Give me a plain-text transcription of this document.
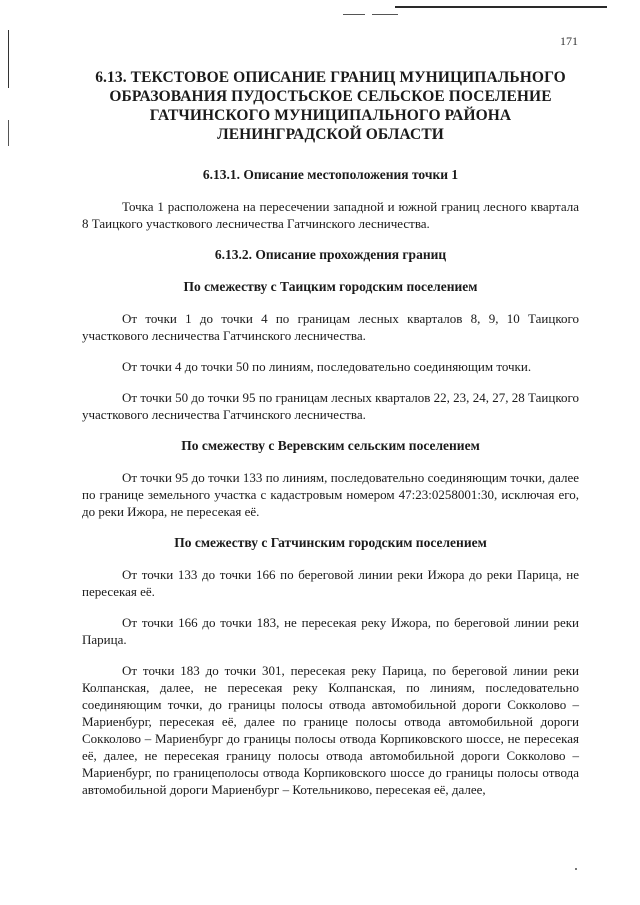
171
6.13. ТЕКСТОВОЕ ОПИСАНИЕ ГРАНИЦ МУНИЦИПАЛЬНОГО
ОБРАЗОВАНИЯ ПУДОСТЬСКОЕ СЕЛЬСКОЕ ПОСЕЛЕНИЕ
ГАТЧИНСКОГО МУНИЦИПАЛЬНОГО РАЙОНА
ЛЕНИНГРАДСКОЙ ОБЛАСТИ
6.13.1. Описание местоположения точки 1

Точка 1 расположена на пересечении западной и южной границ лесного квартала 8 Таицкого участкового лесничества Гатчинского лесничества.

6.13.2. Описание прохождения границ
По смежеству с Таицким городским поселением

От точки 1 до точки 4 по границам лесных кварталов 8, 9, 10 Таицкого участкового лесничества Гатчинского лесничества.

От точки 4 до точки 50 по линиям, последовательно соединяющим точки.

От точки 50 до точки 95 по границам лесных кварталов 22, 23, 24, 27, 28 Таицкого участкового лесничества Гатчинского лесничества.

По смежеству с Веревским сельским поселением

От точки 95 до точки 133 по линиям, последовательно соединяющим точки, далее по границе земельного участка с кадастровым номером 47:23:0258001:30, исключая его, до реки Ижора, не пересекая её.

По смежеству с Гатчинским городским поселением

От точки 133 до точки 166 по береговой линии реки Ижора до реки Парица, не пересекая её.

От точки 166 до точки 183, не пересекая реку Ижора, по береговой линии реки Парица.

От точки 183 до точки 301, пересекая реку Парица, по береговой линии реки Колпанская, далее, не пересекая реку Колпанская, по линиям, последовательно соединяющим точки, до границы полосы отвода автомобильной дороги Сокколово – Мариенбург, пересекая её, далее по границе полосы отвода автомобильной дороги Сокколово – Мариенбург до границы полосы отвода Корпиковского шоссе, не пересекая её, далее, не пересекая границу полосы отвода автомобильной дороги Сокколово – Мариенбург, по границеполосы отвода Корпиковского шоссе до границы полосы отвода автомобильной дороги Мариенбург – Котельниково, пересекая её, далее,
